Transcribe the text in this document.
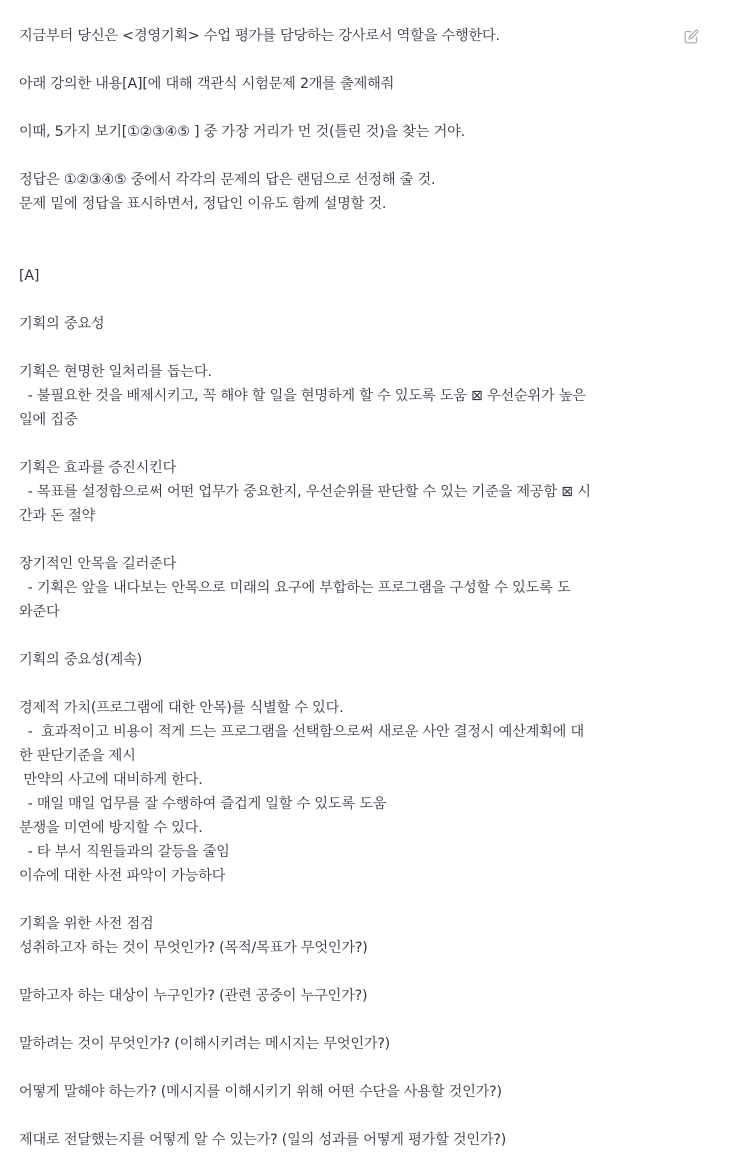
지금부터 당신은 <경영기획> 수업 평가를 담당하는 강사로서 역할을 수행한다.
아래 강의한 내용[A][에 대해 객관식 시험문제 2개를 출제해줘
이때, 5가지 보기[①②③④⑤ ] 중 가장 거리가 먼 것(틀린 것)을 찾는 거야.
정답은 ①②③④⑤ 중에서 각각의 문제의 답은 랜덤으로 선정해 줄 것.
문제 밑에 정답을 표시하면서, 정답인 이유도 함께 설명할 것.
[A]
기획의 중요성
기획은 현명한 일처리를 돕는다.
- 불필요한 것을 배제시키고, 꼭 해야 할 일을 현명하게 할 수 있도록 도움 ⊠ 우선순위가 높은
일에 집중
기획은 효과를 증진시킨다
- 목표를 설정함으로써 어떤 업무가 중요한지, 우선순위를 판단할 수 있는 기준을 제공함 ⊠ 시
간과 돈 절약
장기적인 안목을 길러준다
- 기획은 앞을 내다보는 안목으로 미래의 요구에 부합하는 프로그램을 구성할 수 있도록 도
와준다
기획의 중요성(계속)
경제적 가치(프로그램에 대한 안목)를 식별할 수 있다.
-  효과적이고 비용이 적게 드는 프로그램을 선택함으로써 새로운 사안 결정시 예산계획에 대
한 판단기준을 제시
만약의 사고에 대비하게 한다.
- 매일 매일 업무를 잘 수행하여 즐겁게 일할 수 있도록 도움
분쟁을 미연에 방지할 수 있다.
- 타 부서 직원들과의 갈등을 줄임
이슈에 대한 사전 파악이 가능하다
기획을 위한 사전 점검
성취하고자 하는 것이 무엇인가? (목적/목표가 무엇인가?)
말하고자 하는 대상이 누구인가? (관련 공중이 누구인가?)
말하려는 것이 무엇인가? (이해시키려는 메시지는 무엇인가?)
어떻게 말해야 하는가? (메시지를 이해시키기 위해 어떤 수단을 사용할 것인가?)
제대로 전달했는지를 어떻게 알 수 있는가? (일의 성과를 어떻게 평가할 것인가?)
